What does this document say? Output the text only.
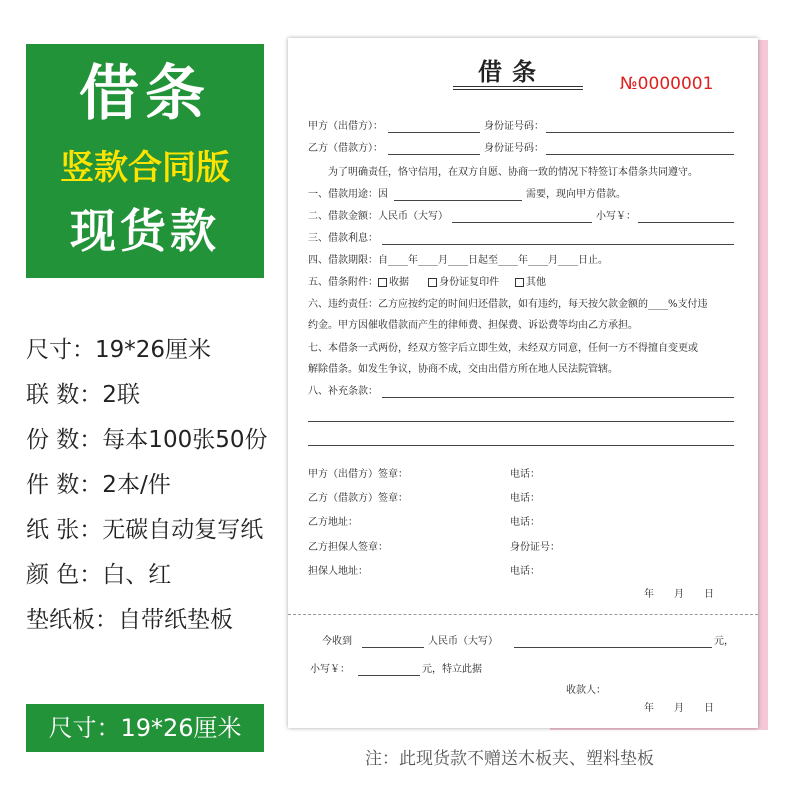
借条
竖款合同版
现货款
尺寸：19*26厘米
联 数：2联
份 数：每本100张50份
件 数：2本/件
纸 张：无碳自动复写纸
颜 色：白、红
垫纸板：自带纸垫板
尺寸：19*26厘米
借条	№0000001
甲方（出借方）：	身份证号码：
乙方（借款方）：	身份证号码：
为了明确责任，恪守信用，在双方自愿、协商一致的情况下特签订本借条共同遵守。
一、借款用途：因	需要，现向甲方借款。
二、借款金额：人民币（大写）	小写￥：
三、借款利息：
四、借款期限：自____年____月____日起至____年____月____日止。
五、借条附件： 收据	身份证复印件	其他
六、违约责任：乙方应按约定的时间归还借款，如有违约，每天按欠款金额的____%支付违
约金。甲方因催收借款而产生的律师费、担保费、诉讼费等均由乙方承担。
七、本借条一式两份，经双方签字后立即生效，未经双方同意，任何一方不得擅自变更或
解除借条。如发生争议，协商不成，交由出借方所在地人民法院管辖。
八、补充条款：
甲方（出借方）签章：	电话：
乙方（借款方）签章：	电话：
乙方地址：	电话：
乙方担保人签章：	身份证号：
担保人地址：	电话：
年　　月　　日
今收到	人民币（大写）	元，
小写￥：	元，特立此据
收款人：
年　　月　　日
注：此现货款不赠送木板夹、塑料垫板
